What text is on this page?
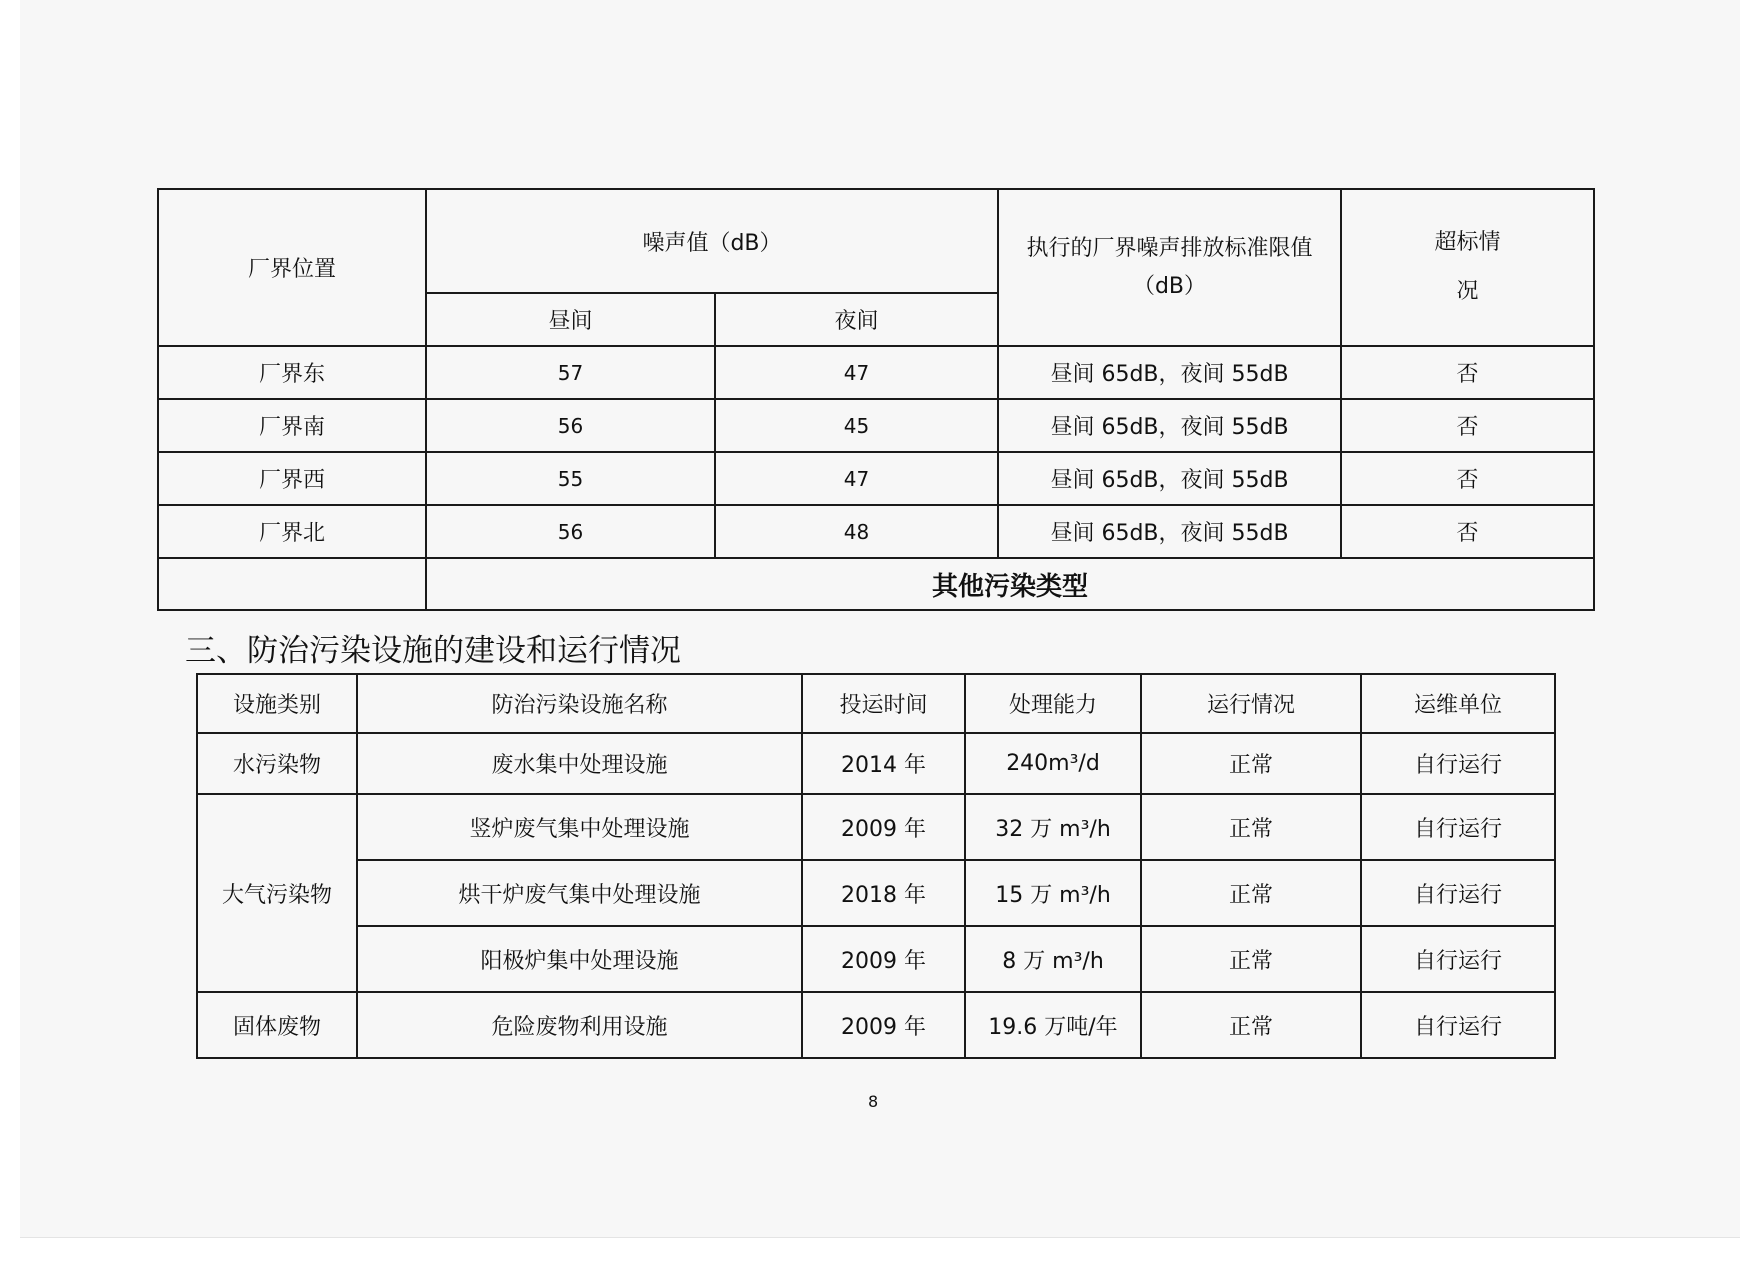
厂界位置	噪声值（dB）		执行的厂界噪声排放标准限值（dB）	超标情况
	昼间	夜间		
厂界东	57	47	昼间 65dB，夜间 55dB	否
厂界南	56	45	昼间 65dB，夜间 55dB	否
厂界西	55	47	昼间 65dB，夜间 55dB	否
厂界北	56	48	昼间 65dB，夜间 55dB	否
	其他污染类型			
三、防治污染设施的建设和运行情况
设施类别	防治污染设施名称	投运时间	处理能力	运行情况	运维单位
水污染物	废水集中处理设施	2014 年	240m³/d	正常	自行运行
大气污染物	竖炉废气集中处理设施	2009 年	32 万 m³/h	正常	自行运行
	烘干炉废气集中处理设施	2018 年	15 万 m³/h	正常	自行运行
	阳极炉集中处理设施	2009 年	8 万 m³/h	正常	自行运行
固体废物	危险废物利用设施	2009 年	19.6 万吨/年	正常	自行运行
8
